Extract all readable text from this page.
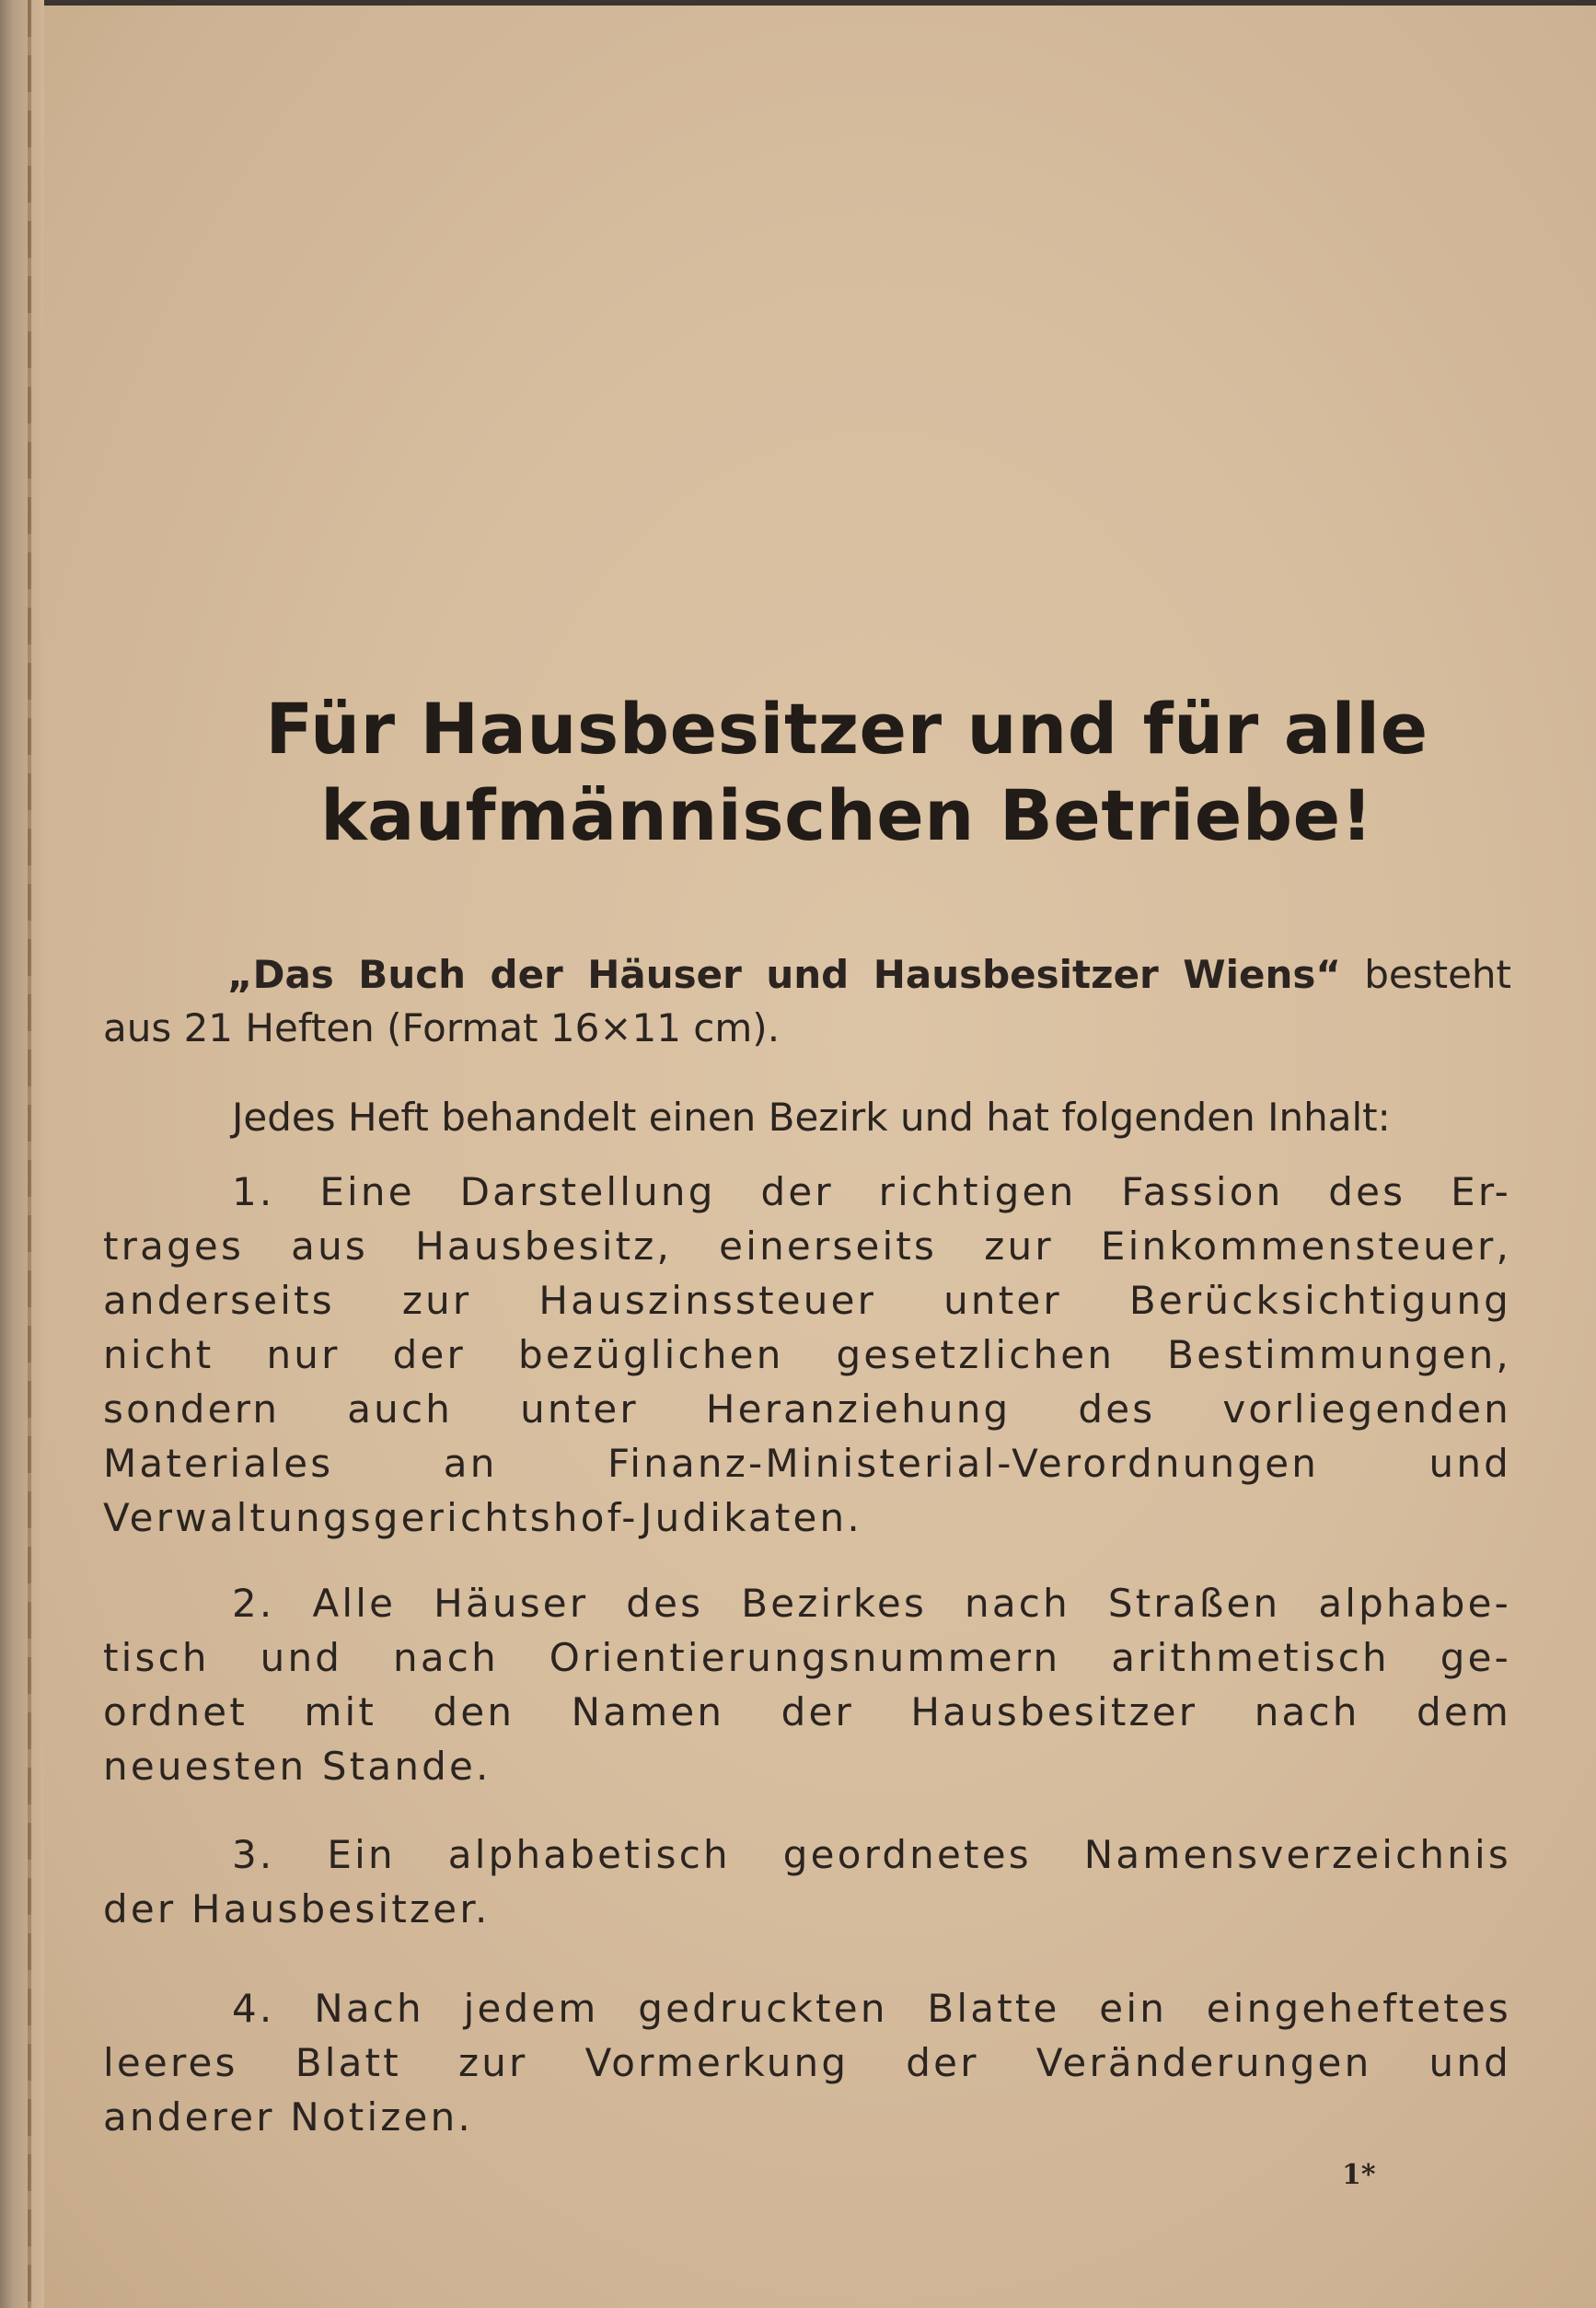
Für Hausbesitzer und für alle
kaufmännischen Betriebe!
„Das Buch der Häuser und Hausbesitzer Wiens“ besteht
aus 21 Heften (Format 16×11 cm).
Jedes Heft behandelt einen Bezirk und hat folgenden Inhalt:
1. Eine Darstellung der richtigen Fassion des Er-
trages aus Hausbesitz, einerseits zur Einkommensteuer,
anderseits zur Hauszinssteuer unter Berücksichtigung
nicht nur der bezüglichen gesetzlichen Bestimmungen,
sondern auch unter Heranziehung des vorliegenden
Materiales an Finanz-Ministerial-Verordnungen und
Verwaltungsgerichtshof-Judikaten.
2. Alle Häuser des Bezirkes nach Straßen alphabe-
tisch und nach Orientierungsnummern arithmetisch ge-
ordnet mit den Namen der Hausbesitzer nach dem
neuesten Stande.
3. Ein alphabetisch geordnetes Namensverzeichnis
der Hausbesitzer.
4. Nach jedem gedruckten Blatte ein eingeheftetes
leeres Blatt zur Vormerkung der Veränderungen und
anderer Notizen.
1*
